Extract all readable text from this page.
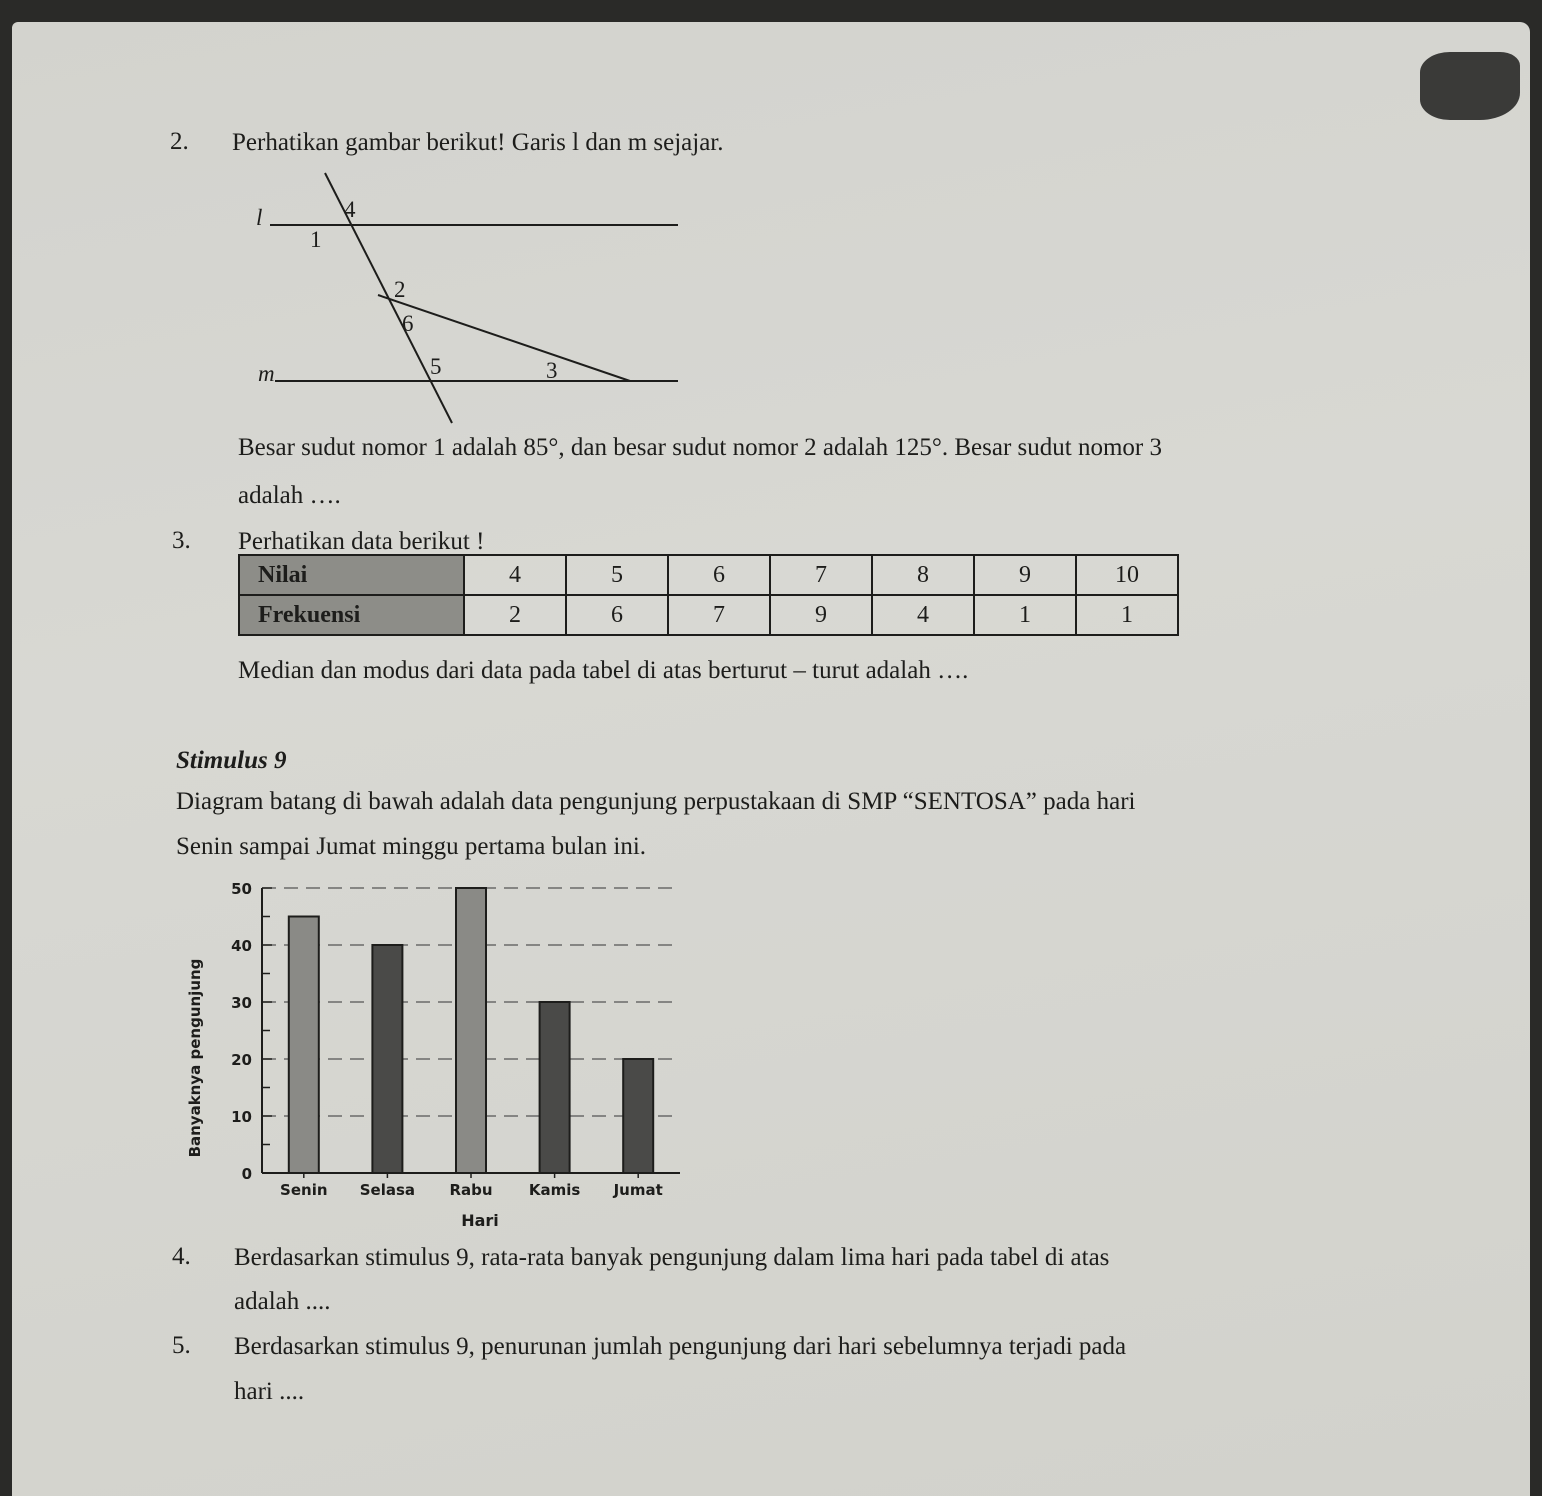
2. Perhatikan gambar berikut! Garis l dan m sejajar.
l
m
4
1
2
6
5	3
Besar sudut nomor 1 adalah 85°, dan besar sudut nomor 2 adalah 125°. Besar sudut nomor 3
adalah ….
3. Perhatikan data berikut !
Nilai	4	5	6	7	8	9	10
Frekuensi	2	6	7	9	4	1	1
Median dan modus dari data pada tabel di atas berturut – turut adalah ….
Stimulus 9
Diagram batang di bawah adalah data pengunjung perpustakaan di SMP “SENTOSA” pada hari
Senin sampai Jumat minggu pertama bulan ini.
0
10
20
30
40
50
Senin Selasa Rabu Kamis Jumat
Banyaknya pengunjung
Hari
4. Berdasarkan stimulus 9, rata-rata banyak pengunjung dalam lima hari pada tabel di atas
adalah ....
5. Berdasarkan stimulus 9, penurunan jumlah pengunjung dari hari sebelumnya terjadi pada
hari ....
